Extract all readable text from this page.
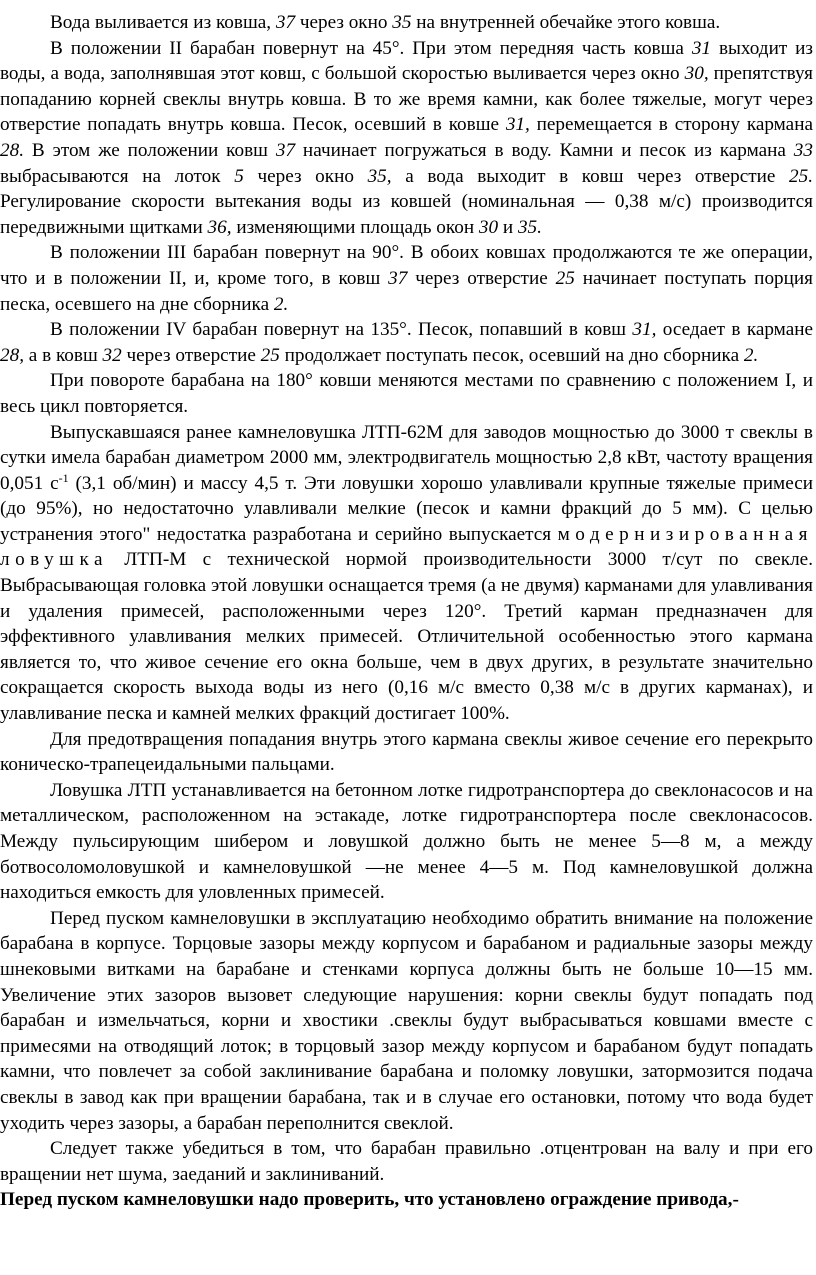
Вода выливается из ковша, 37 через окно 35 на внутренней обечайке этого ковша.

В положении II барабан повернут на 45°. При этом передняя часть ковша 31 выходит из воды, а вода, заполнявшая этот ковш, с большой скоростью выливается через окно 30, препятствуя попаданию корней свеклы внутрь ковша. В то же время камни, как более тяжелые, могут через отверстие попадать внутрь ковша. Песок, осевший в ковше 31, перемещается в сторону кармана 28. В этом же положении ковш 37 начинает погружаться в воду. Камни и песок из кармана 33 выбрасываются на лоток 5 через окно 35, а вода выходит в ковш через отверстие 25. Регулирование скорости вытекания воды из ковшей (номинальная — 0,38 м/с) производится передвижными щитками 36, изменяющими площадь окон 30 и 35.

В положении III барабан повернут на 90°. В обоих ковшах продолжаются те же операции, что и в положении II, и, кроме того, в ковш 37 через отверстие 25 начинает поступать порция песка, осевшего на дне сборника 2.

В положении IV барабан повернут на 135°. Песок, попавший в ковш 31, оседает в кармане 28, а в ковш 32 через отверстие 25 продолжает поступать песок, осевший на дно сборника 2.

При повороте барабана на 180° ковши меняются местами по сравнению с положением I, и весь цикл повторяется.

Выпускавшаяся ранее камнеловушка ЛТП-62М для заводов мощностью до 3000 т свеклы в сутки имела барабан диаметром 2000 мм, электродвигатель мощностью 2,8 кВт, частоту вращения 0,051 $с^{-1}$ (3,1 об/мин) и массу 4,5 т. Эти ловушки хорошо улавливали крупные тяжелые примеси (до 95%), но недостаточно улавливали мелкие (песок и камни фракций до 5 мм). С целью устранения этого" недостатка разработана и серийно выпускается модернизированная ловушка ЛТП-М с технической нормой производительности 3000 т/сут по свекле. Выбрасывающая головка этой ловушки оснащается тремя (а не двумя) карманами для улавливания и удаления примесей, расположенными через 120°. Третий карман предназначен для эффективного улавливания мелких примесей. Отличительной особенностью этого кармана является то, что живое сечение его окна больше, чем в двух других, в результате значительно сокращается скорость выхода воды из него (0,16 м/с вместо 0,38 м/с в других карманах), и улавливание песка и камней мелких фракций достигает 100%.

Для предотвращения попадания внутрь этого кармана свеклы живое сечение его перекрыто коническо-трапецеидальными пальцами.

Ловушка ЛТП устанавливается на бетонном лотке гидротранспортера до свеклонасосов и на металлическом, расположенном на эстакаде, лотке гидротранспортера после свеклонасосов. Между пульсирующим шибером и ловушкой должно быть не менее 5—8 м, а между ботвосоломоловушкой и камнеловушкой —не менее 4—5 м. Под камнеловушкой должна находиться емкость для уловленных примесей.

Перед пуском камнеловушки в эксплуатацию необходимо обратить внимание на положение барабана в корпусе. Торцовые зазоры между корпусом и барабаном и радиальные зазоры между шнековыми витками на барабане и стенками корпуса должны быть не больше 10—15 мм. Увеличение этих зазоров вызовет следующие нарушения: корни свеклы будут попадать под барабан и измельчаться, корни и хвостики .свеклы будут выбрасываться ковшами вместе с примесями на отводящий лоток; в торцовый зазор между корпусом и барабаном будут попадать камни, что повлечет за собой заклинивание барабана и поломку ловушки, затормозится подача свеклы в завод как при вращении барабана, так и в случае его остановки, потому что вода будет уходить через зазоры, а барабан переполнится свеклой.

Следует также убедиться в том, что барабан правильно .отцентрован на валу и при его вращении нет шума, заеданий и заклиниваний.

Перед пуском камнеловушки надо проверить, что установлено ограждение привода,-
